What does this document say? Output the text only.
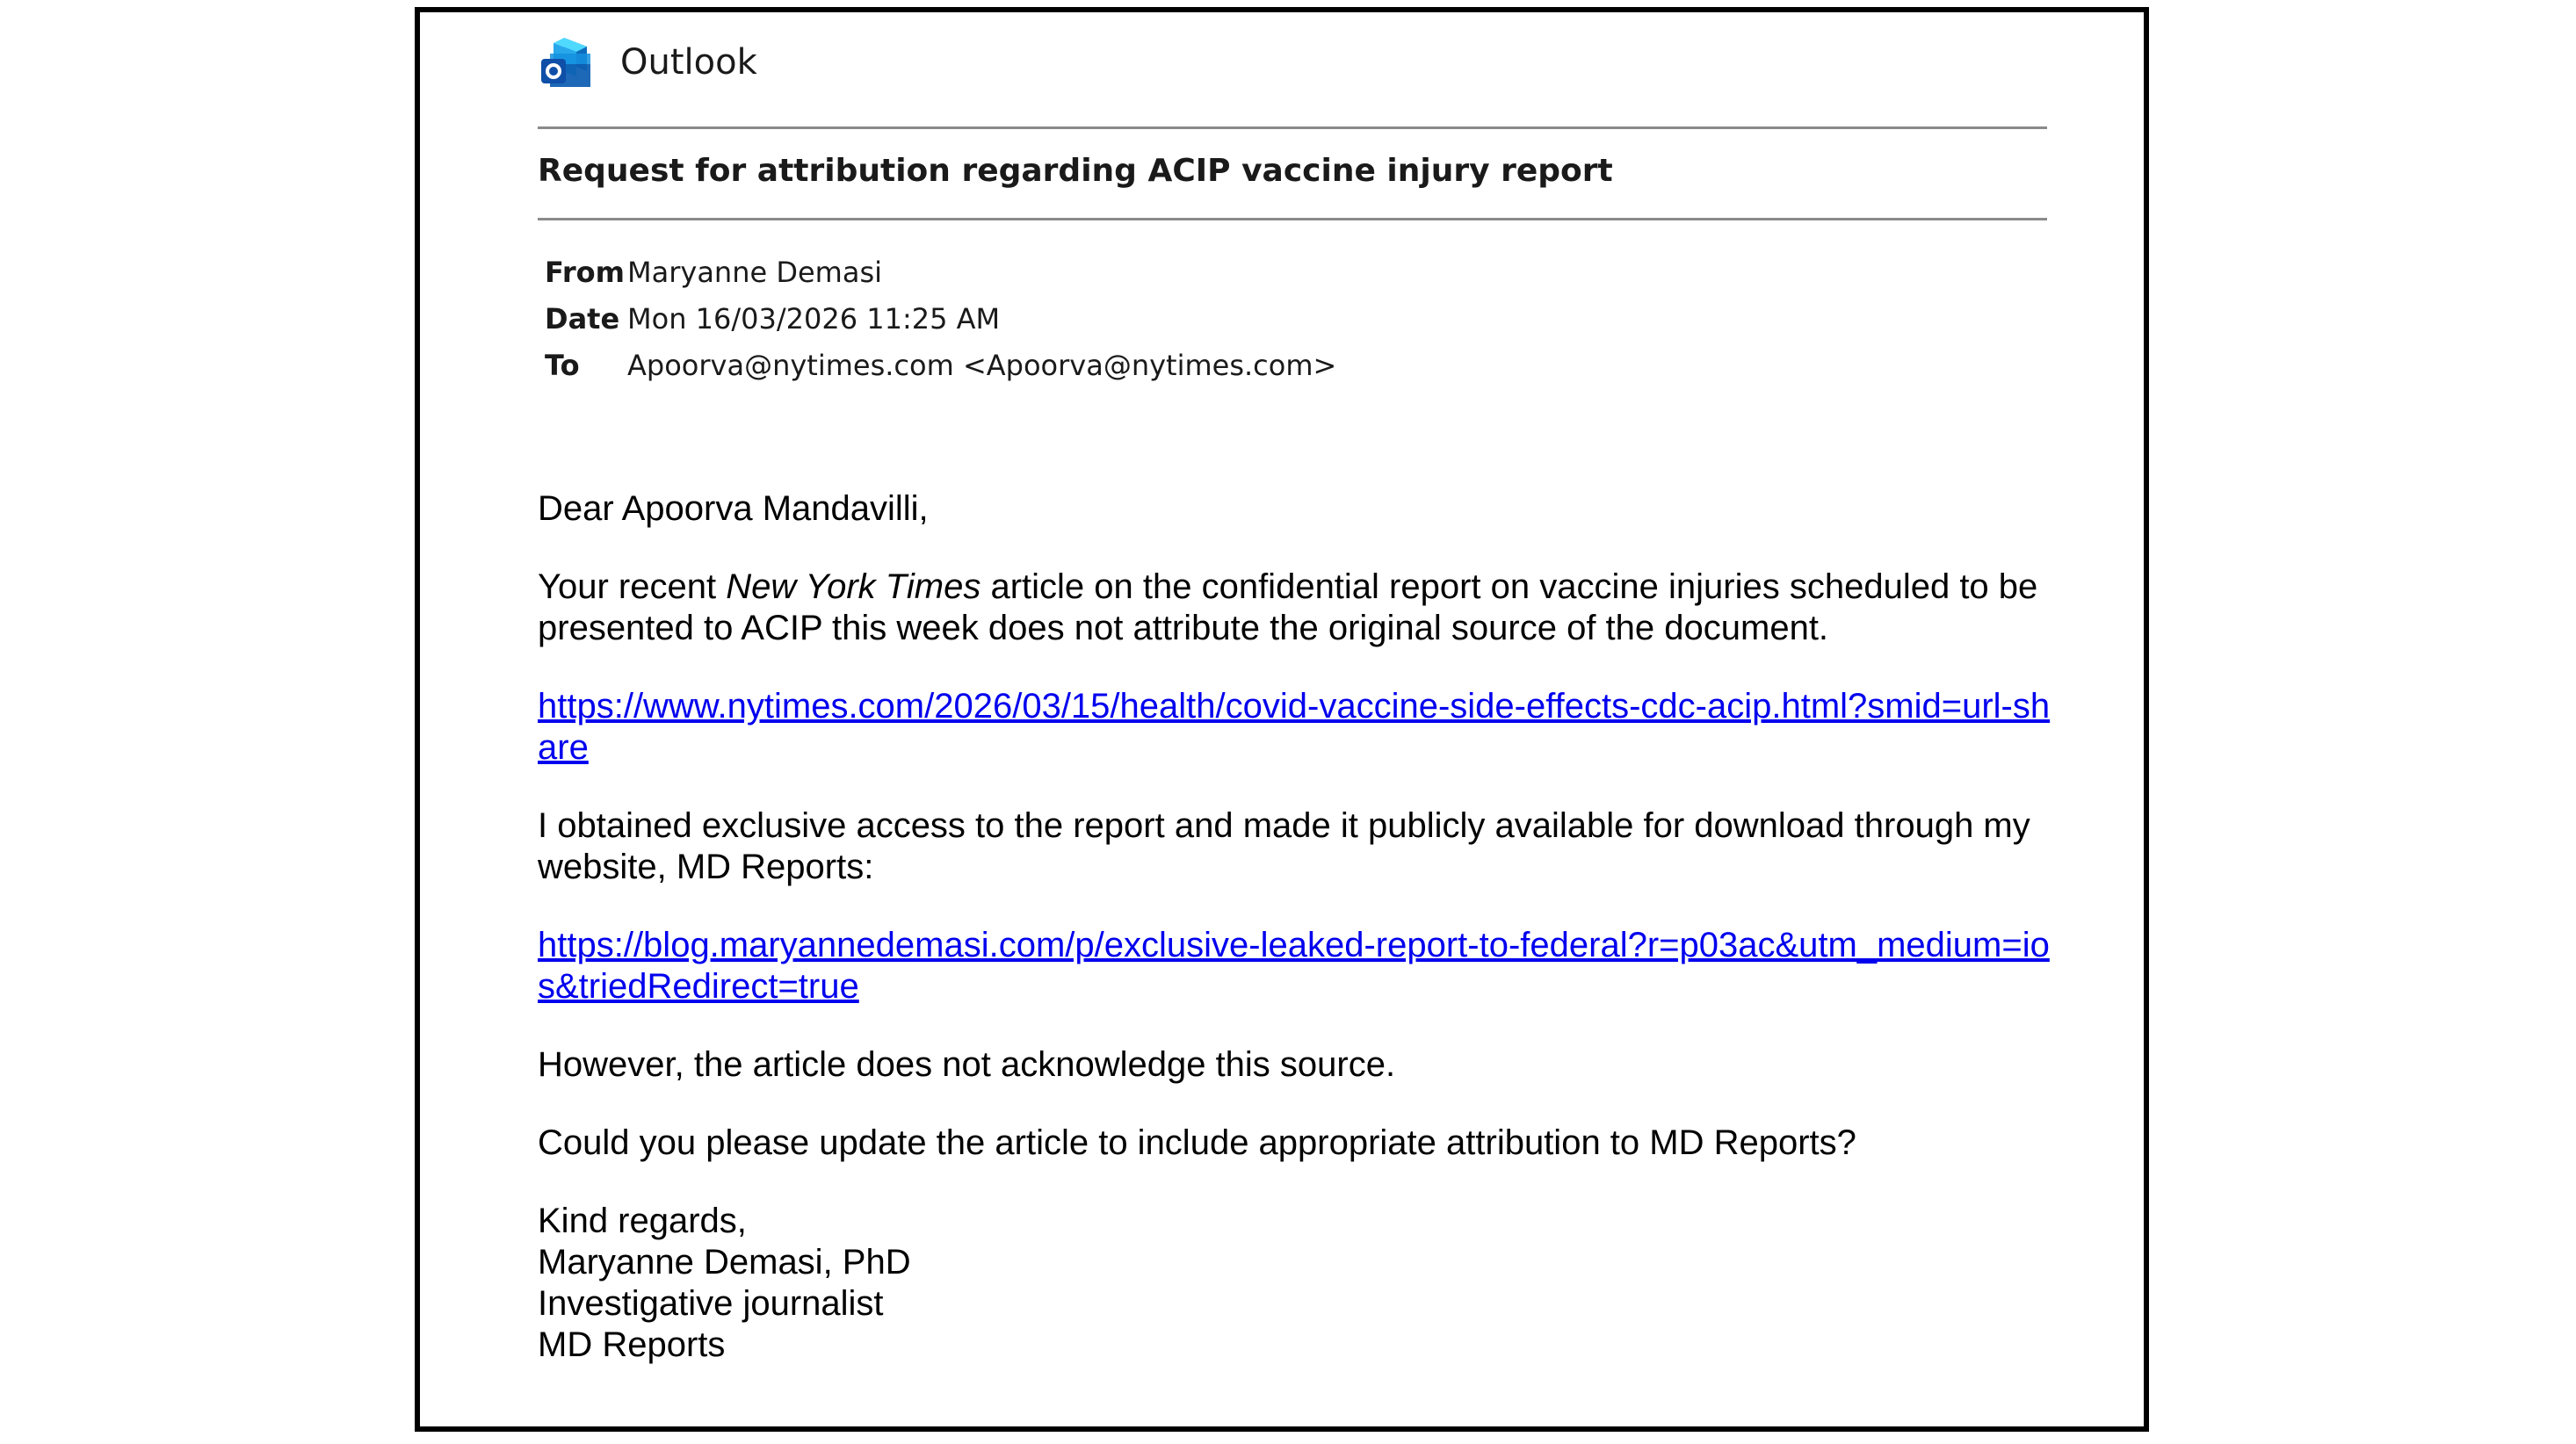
Outlook
Request for attribution regarding ACIP vaccine injury report
From Maryanne Demasi
Date Mon 16/03/2026 11:25 AM
To	Apoorva@nytimes.com <Apoorva@nytimes.com>

Dear Apoorva Mandavilli,

Your recent New York Times article on the confidential report on vaccine injuries scheduled to be presented to ACIP this week does not attribute the original source of the document.

https://www.nytimes.com/2026/03/15/health/covid-vaccine-side-effects-cdc-acip.html?smid=url-share

I obtained exclusive access to the report and made it publicly available for download through my website, MD Reports:

https://blog.maryannedemasi.com/p/exclusive-leaked-report-to-federal?r=p03ac&utm_medium=ios&triedRedirect=true

However, the article does not acknowledge this source.

Could you please update the article to include appropriate attribution to MD Reports?

Kind regards,
Maryanne Demasi, PhD
Investigative journalist
MD Reports
